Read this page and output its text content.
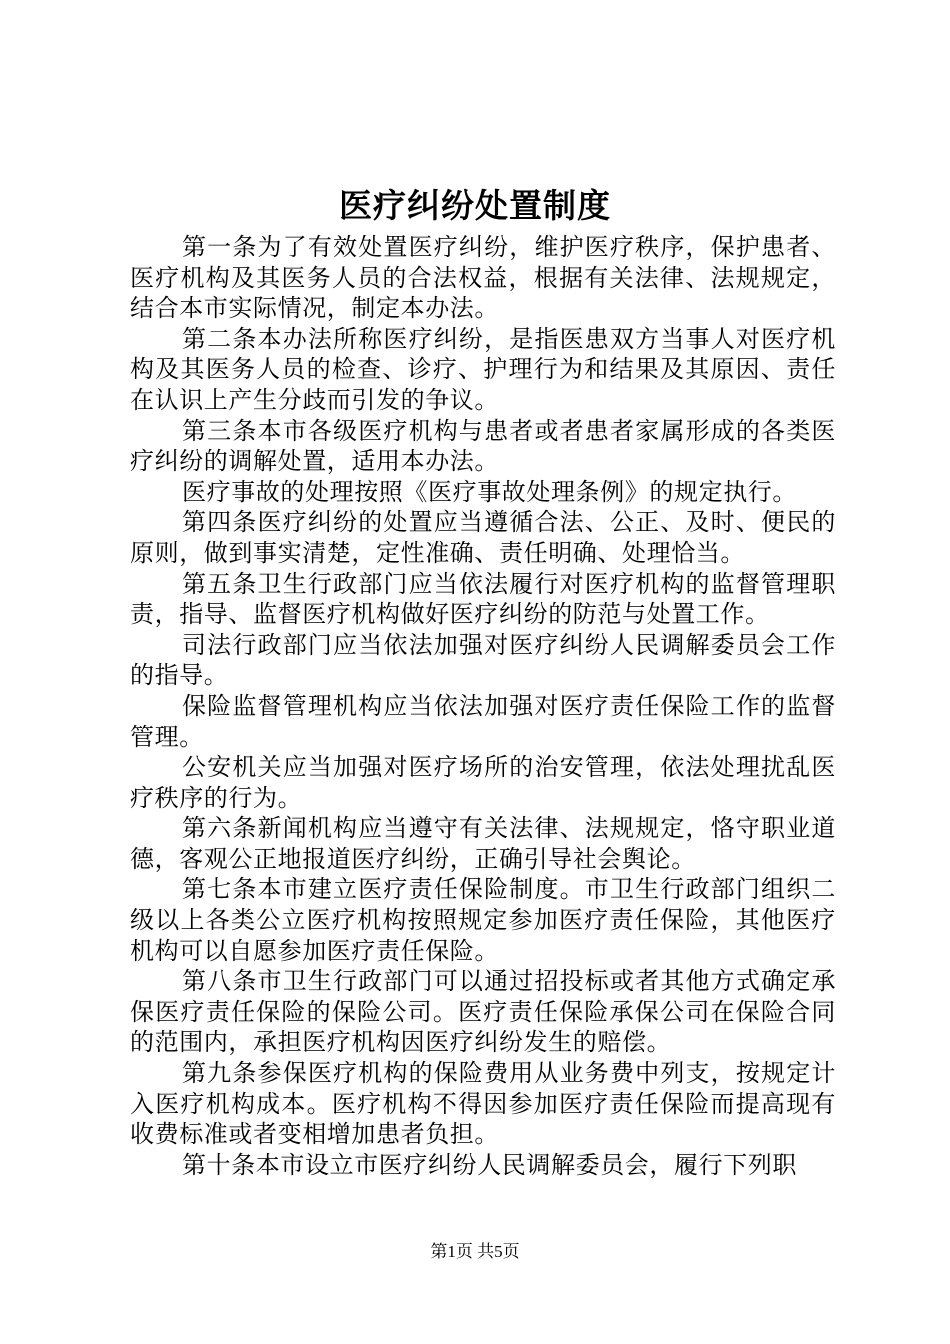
医疗纠纷处置制度

第一条为了有效处置医疗纠纷，维护医疗秩序，保护患者、医疗机构及其医务人员的合法权益，根据有关法律、法规规定，结合本市实际情况，制定本办法。

第二条本办法所称医疗纠纷，是指医患双方当事人对医疗机构及其医务人员的检查、诊疗、护理行为和结果及其原因、责任在认识上产生分歧而引发的争议。

第三条本市各级医疗机构与患者或者患者家属形成的各类医疗纠纷的调解处置，适用本办法。

医疗事故的处理按照《医疗事故处理条例》的规定执行。

第四条医疗纠纷的处置应当遵循合法、公正、及时、便民的原则，做到事实清楚，定性准确、责任明确、处理恰当。

第五条卫生行政部门应当依法履行对医疗机构的监督管理职责，指导、监督医疗机构做好医疗纠纷的防范与处置工作。

司法行政部门应当依法加强对医疗纠纷人民调解委员会工作的指导。

保险监督管理机构应当依法加强对医疗责任保险工作的监督管理。

公安机关应当加强对医疗场所的治安管理，依法处理扰乱医疗秩序的行为。

第六条新闻机构应当遵守有关法律、法规规定，恪守职业道德，客观公正地报道医疗纠纷，正确引导社会舆论。

第七条本市建立医疗责任保险制度。市卫生行政部门组织二级以上各类公立医疗机构按照规定参加医疗责任保险，其他医疗机构可以自愿参加医疗责任保险。

第八条市卫生行政部门可以通过招投标或者其他方式确定承保医疗责任保险的保险公司。医疗责任保险承保公司在保险合同的范围内，承担医疗机构因医疗纠纷发生的赔偿。

第九条参保医疗机构的保险费用从业务费中列支，按规定计入医疗机构成本。医疗机构不得因参加医疗责任保险而提高现有收费标准或者变相增加患者负担。

第十条本市设立市医疗纠纷人民调解委员会，履行下列职

第1页 共5页
